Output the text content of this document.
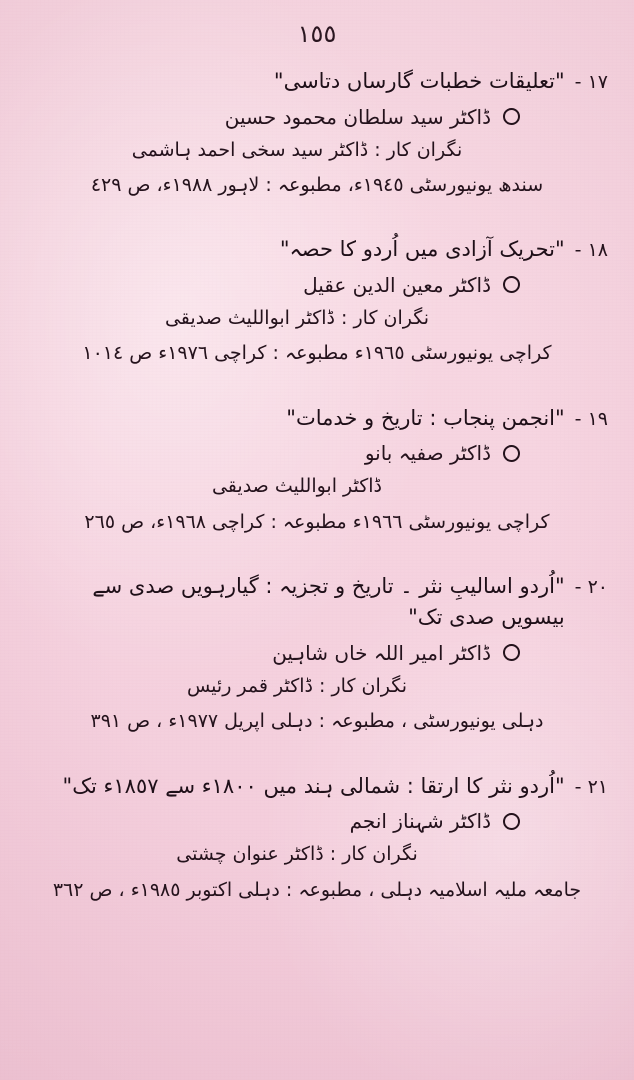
١٥٥
١٧ -
"تعلیقات خطبات گارساں دتاسی"
ڈاکٹر سید سلطان محمود حسین
نگران کار : ڈاکٹر سید سخی احمد ہاشمی
سندھ یونیورسٹی ١٩٤٥ء، مطبوعہ : لاہور ١٩٨٨ء، ص ٤٢٩
١٨ -
"تحریک آزادی میں اُردو کا حصہ"
ڈاکٹر معین الدین عقیل
نگران کار : ڈاکٹر ابواللیث صدیقی
کراچی یونیورسٹی ١٩٦٥ء مطبوعہ : کراچی ١٩٧٦ء ص ١٠١٤
١٩ -
"انجمن پنجاب : تاریخ و خدمات"
ڈاکٹر صفیہ بانو
ڈاکٹر ابواللیث صدیقی
کراچی یونیورسٹی ١٩٦٦ء مطبوعہ : کراچی ١٩٦٨ء، ص ٢٦٥
٢٠ -
"اُردو اسالیبِ نثر ۔ تاریخ و تجزیہ : گیارہویں صدی سے بیسویں صدی تک"
ڈاکٹر امیر اللہ خاں شاہین
نگران کار : ڈاکٹر قمر رئیس
دہلی یونیورسٹی ، مطبوعہ : دہلی اپریل ١٩٧٧ء ، ص ٣٩١
٢١ -
"اُردو نثر کا ارتقا : شمالی ہند میں ١٨٠٠ء سے ١٨٥٧ء تک"
ڈاکٹر شہناز انجم
نگران کار : ڈاکٹر عنوان چشتی
جامعہ ملیہ اسلامیہ دہلی ، مطبوعہ : دہلی اکتوبر ١٩٨٥ء ، ص ٣٦٢
